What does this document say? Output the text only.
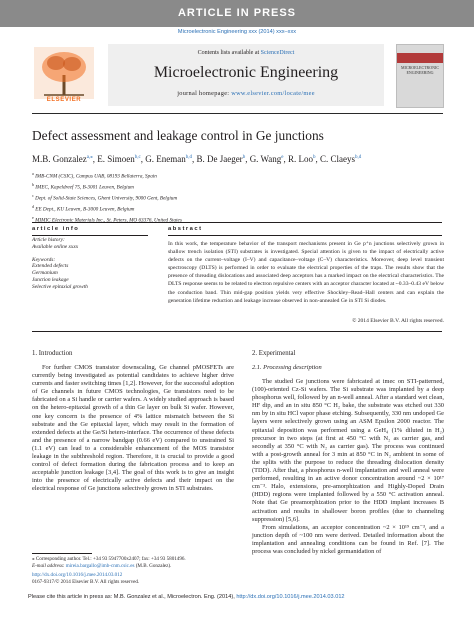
ARTICLE IN PRESS
Microelectronic Engineering xxx (2014) xxx–xxx
ELSEVIER
Contents lists available at ScienceDirect
Microelectronic Engineering
journal homepage: www.elsevier.com/locate/mee
MICROELECTRONIC ENGINEERING
Defect assessment and leakage control in Ge junctions
M.B. Gonzalez$^{a,⁎}$, E. Simoen$^{b,c}$, G. Eneman$^{b,d}$, B. De Jaeger$^b$, G. Wang$^e$, R. Loo$^b$, C. Claeys$^{b,d}$
$^a$ IMB-CNM (CSIC), Campus UAB, 08193 Bellaterra, Spain
$^b$ IMEC, Kapeldreef 75, B-3001 Leuven, Belgium
$^c$ Dept. of Solid-State Sciences, Ghent University, 9000 Gent, Belgium
$^d$ EE Dept., KU Leuven, B-3000 Leuven, Belgium
$^e$ MIMIC Electronic Materials Inc., St. Peters, MO 63376, United States
article info	abstract
Article history:
Available online xxxx
Keywords:
Extended defects
Germanium
Junction leakage
Selective epitaxial growth
In this work, the temperature behavior of the transport mechanisms present in Ge p⁺n junctions selectively grown in shallow trench isolation (STI) substrates is investigated. Special attention is given to the impact of electrically active defects on the current–voltage (I–V) and capacitance–voltage (C–V) characteristics. Moreover, deep level transient spectroscopy (DLTS) is performed in order to evaluate the electrical properties of the traps. The results show that the presence of threading dislocations and associated deep acceptors has a marked impact on the electrical characteristics. The DLTS response seems to be related to electron repulsive centers with an acceptor character located at ~0.33–0.43 eV below the conduction band. Thin mid-gap position yields very effective Shockley–Read–Hall centers and can explain the generation lifetime reduction and leakage increase observed in non-annealed Ge in STI Si diodes.
© 2014 Elsevier B.V. All rights reserved.
1. Introduction

For further CMOS transistor downscaling, Ge channel pMOSFETs are currently being investigated as potential candidates to achieve higher drive currents and faster switching times [1,2]. However, for the successful adoption of Ge channels in future CMOS technologies, Ge transistors need to be fabricated on a Si handle or carrier wafers. A widely studied approach is based on the hetero-epitaxial growth of a thin Ge layer on bulk Si wafer. However, one key concern is the presence of 4% lattice mismatch between the Si substrate and the Ge epitaxial layer, which may result in the formation of extended defects at the Ge/Si hetero-interface. The occurrence of these defects and the presence of a narrow bandgap (0.66 eV) compared to unstrained Si (1.1 eV) can lead to a considerable enhancement of the MOS transistor leakage in the subthreshold region. Therefore, it is crucial to provide a good control of defect formation during the fabrication process and to keep an acceptable junction leakage [3,4]. The goal of this work is to give an insight into the presence of electrically active defects and their impact on the electrical response of Ge junctions selectively grown in STI substrates.

2. Experimental
2.1. Processing description

The studied Ge junctions were fabricated at imec on STI-patterned, (100)-oriented Cz-Si wafers. The Si substrate was implanted by a deep phosphorus well, followed by an n-well anneal. After a standard wet clean, HF dip, and an in situ 850 °C H₂ bake, the substrate was etched out 330 nm by in situ HCl vapor phase etching. Subsequently, 330 nm undoped Ge layers were selectively grown using an ASM Epsilon 2000 reactor. The epitaxial deposition was performed using a GeH₄ (1% diluted in H₂) precursor in two steps (at first at 450 °C with N₂ as carrier gas, and secondly at 350 °C with N₂ as carrier gas). The process was continued with a post-growth anneal for 3 min at 850 °C in N₂ ambient in some of the splits with the purpose to reduce the threading dislocation density (TDD). After that, a phosphorus n-well implantation and well anneal were performed, resulting in an active donor concentration around ~2 × 10¹⁷ cm⁻³. Halo, extensions, pre-amorphization and Highly-Doped Drain (HDD) regions were implanted followed by a 550 °C activation anneal. Note that Ge preamorphization prior to the HDD implant increases B activation and results in shallower boron profiles (due to channeling suppression) [5,6].

From simulations, an acceptor concentration ~2 × 10¹⁹ cm⁻³, and a junction depth of ~100 nm were derived. Detailed information about the implantation and annealing conditions can be found in Ref. [7]. The process was concluded by nickel germanidation of

⁎ Corresponding author. Tel.: +34 93 5947700x2407; fax: +34 93 5801496.
E-mail address: mireia.bargallo@imb-cnm.csic.es (M.B. Gonzalez).
http://dx.doi.org/10.1016/j.mee.2014.03.012
0167-9317/© 2014 Elsevier B.V. All rights reserved.
Please cite this article in press as: M.B. Gonzalez et al., Microelectron. Eng. (2014), http://dx.doi.org/10.1016/j.mee.2014.03.012
